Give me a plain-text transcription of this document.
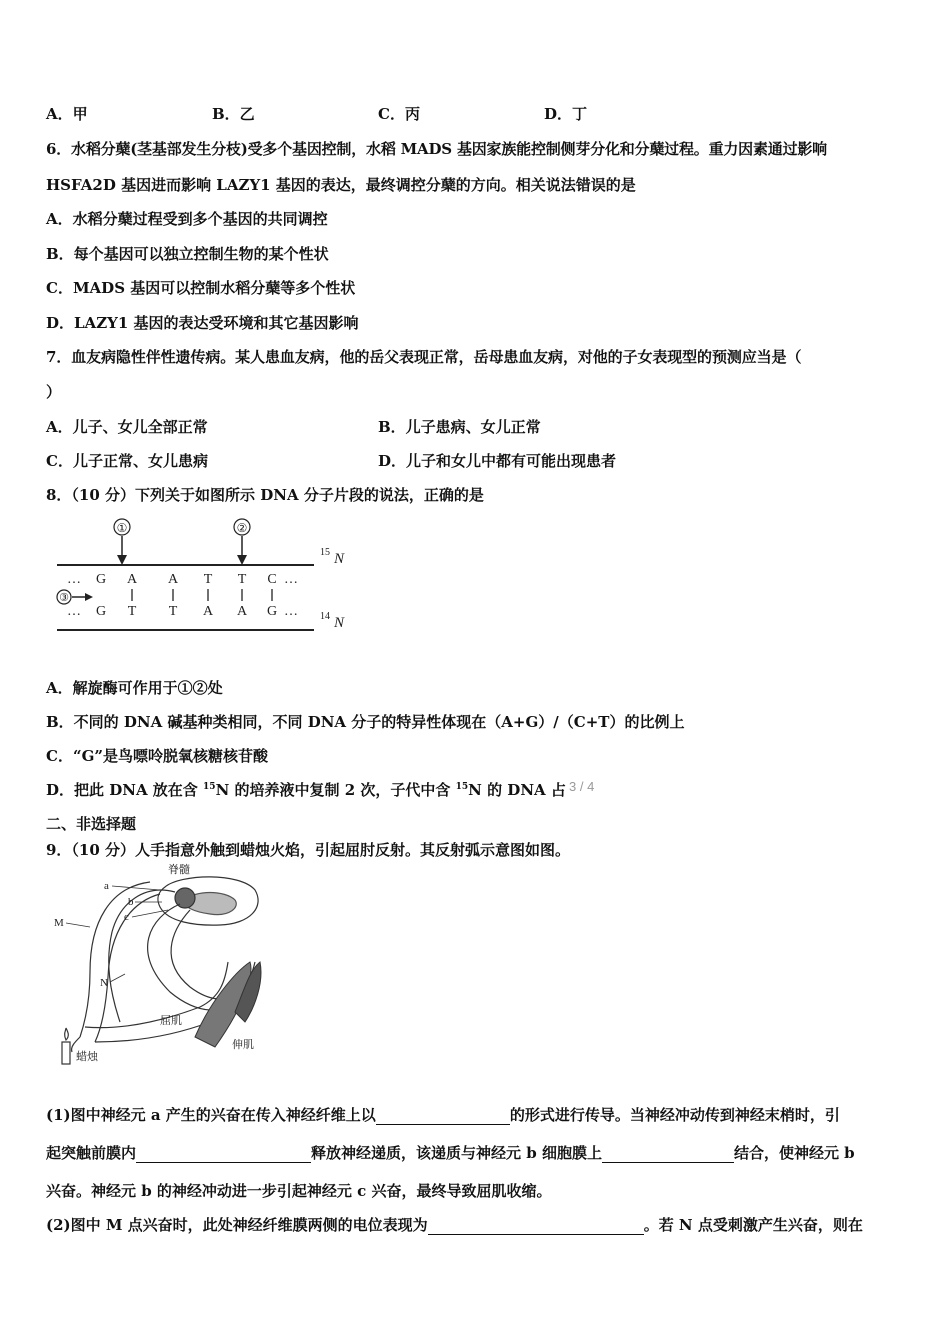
A．甲	B．乙	C．丙	D．丁
6．水稻分蘖(茎基部发生分枝)受多个基因控制，水稻 MADS 基因家族能控制侧芽分化和分蘖过程。重力因素通过影响
HSFA2D 基因进而影响 LAZY1 基因的表达，最终调控分蘖的方向。相关说法错误的是
A．水稻分蘖过程受到多个基因的共同调控
B．每个基因可以独立控制生物的某个性状
C．MADS 基因可以控制水稻分蘖等多个性状
D．LAZY1 基因的表达受环境和其它基因影响
7．血友病隐性伴性遗传病。某人患血友病，他的岳父表现正常，岳母患血友病，对他的子女表现型的预测应当是（
）
A．儿子、女儿全部正常	B．儿子患病、女儿正常
C．儿子正常、女儿患病	D．儿子和女儿中都有可能出现患者
8．（10 分）下列关于如图所示 DNA 分子片段的说法，正确的是
①	②
③
… G A A T T C …
… G T T A A G …
15 N
14 N
A．解旋酶可作用于①②处
B．不同的 DNA 碱基种类相同，不同 DNA 分子的特异性体现在（A+G）/（C+T）的比例上
C．“G”是鸟嘌呤脱氧核糖核苷酸
D．把此 DNA 放在含 $^{15}$N 的培养液中复制 2 次，子代中含 $^{15}$N 的 DNA 占 3 / 4
二、非选择题
9．（10 分）人手指意外触到蜡烛火焰，引起屈肘反射。其反射弧示意图如图。
脊髓
a
b
c
M
N
屈肌
伸肌
蜡烛
(1)图中神经元 a 产生的兴奋在传入神经纤维上以	的形式进行传导。当神经冲动传到神经末梢时，引
起突触前膜内	释放神经递质，该递质与神经元 b 细胞膜上	结合，使神经元 b
兴奋。神经元 b 的神经冲动进一步引起神经元 c 兴奋，最终导致屈肌收缩。
(2)图中 M 点兴奋时，此处神经纤维膜两侧的电位表现为	。若 N 点受刺激产生兴奋，则在
